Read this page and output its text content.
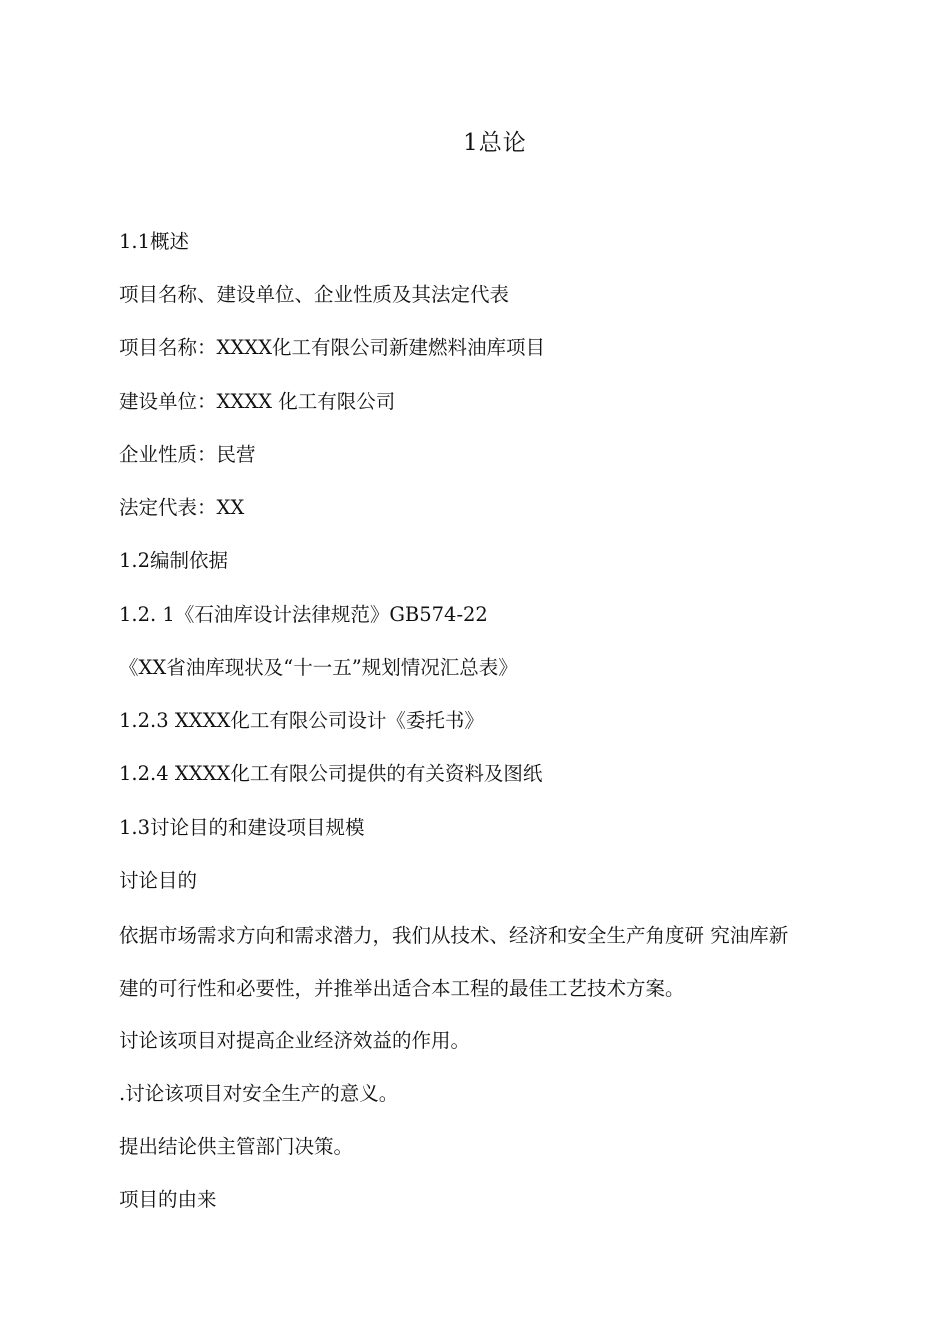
1总论
1.1概述
项目名称、建设单位、企业性质及其法定代表
项目名称：XXXX化工有限公司新建燃料油库项目
建设单位：XXXX 化工有限公司
企业性质：民营
法定代表：XX
1.2编制依据
1.2. 1《石油库设计法律规范》GB574-22
《XX省油库现状及“十一五”规划情况汇总表》
1.2.3 XXXX化工有限公司设计《委托书》
1.2.4 XXXX化工有限公司提供的有关资料及图纸
1.3讨论目的和建设项目规模
讨论目的
依据市场需求方向和需求潜力，我们从技术、经济和安全生产角度研 究油库新
建的可行性和必要性，并推举出适合本工程的最佳工艺技术方案。
讨论该项目对提高企业经济效益的作用。
.讨论该项目对安全生产的意义。
提出结论供主管部门决策。
项目的由来
